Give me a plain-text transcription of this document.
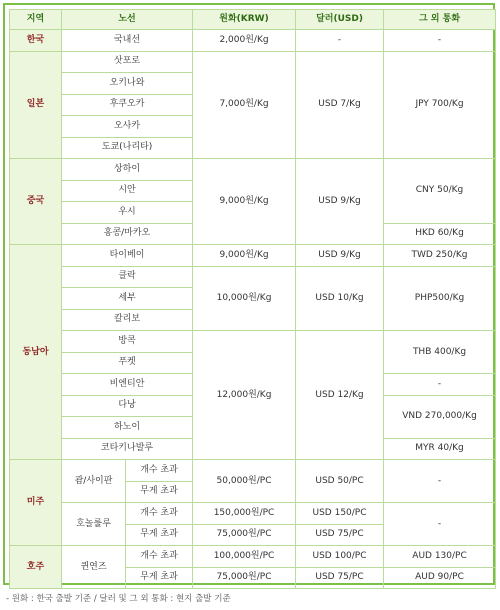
지역	노선		원화(KRW)	달러(USD)	그 외 통화
한국	국내선		2,000원/Kg	-	-
일본	삿포로		7,000원/Kg	USD 7/Kg	JPY 700/Kg
	오키나와				
	후쿠오카				
	오사카				
	도쿄(나리타)				
중국	상하이		9,000원/Kg	USD 9/Kg	CNY 50/Kg
	시안				
	우시				
	홍콩/마카오				HKD 60/Kg
동남아	타이베이		9,000원/Kg	USD 9/Kg	TWD 250/Kg
	클락		10,000원/Kg	USD 10/Kg	PHP500/Kg
	세부				
	칼리보				
	방콕		12,000원/Kg	USD 12/Kg	THB 400/Kg
	푸켓				
	비엔티안				-
	다낭				VND 270,000/Kg
	하노이				
	코타키나발루				MYR 40/Kg
미주	괌/사이판	개수 초과	50,000원/PC	USD 50/PC	-
		무게 초과			
	호놀룰루	개수 초과	150,000원/PC	USD 150/PC	-
		무게 초과	75,000원/PC	USD 75/PC	
호주	퀸연즈	개수 초과	100,000원/PC	USD 100/PC	AUD 130/PC
		무게 초과	75,000원/PC	USD 75/PC	AUD 90/PC
- 원화 : 한국 출발 기준 / 달러 및 그 외 통화 : 현지 출발 기준
